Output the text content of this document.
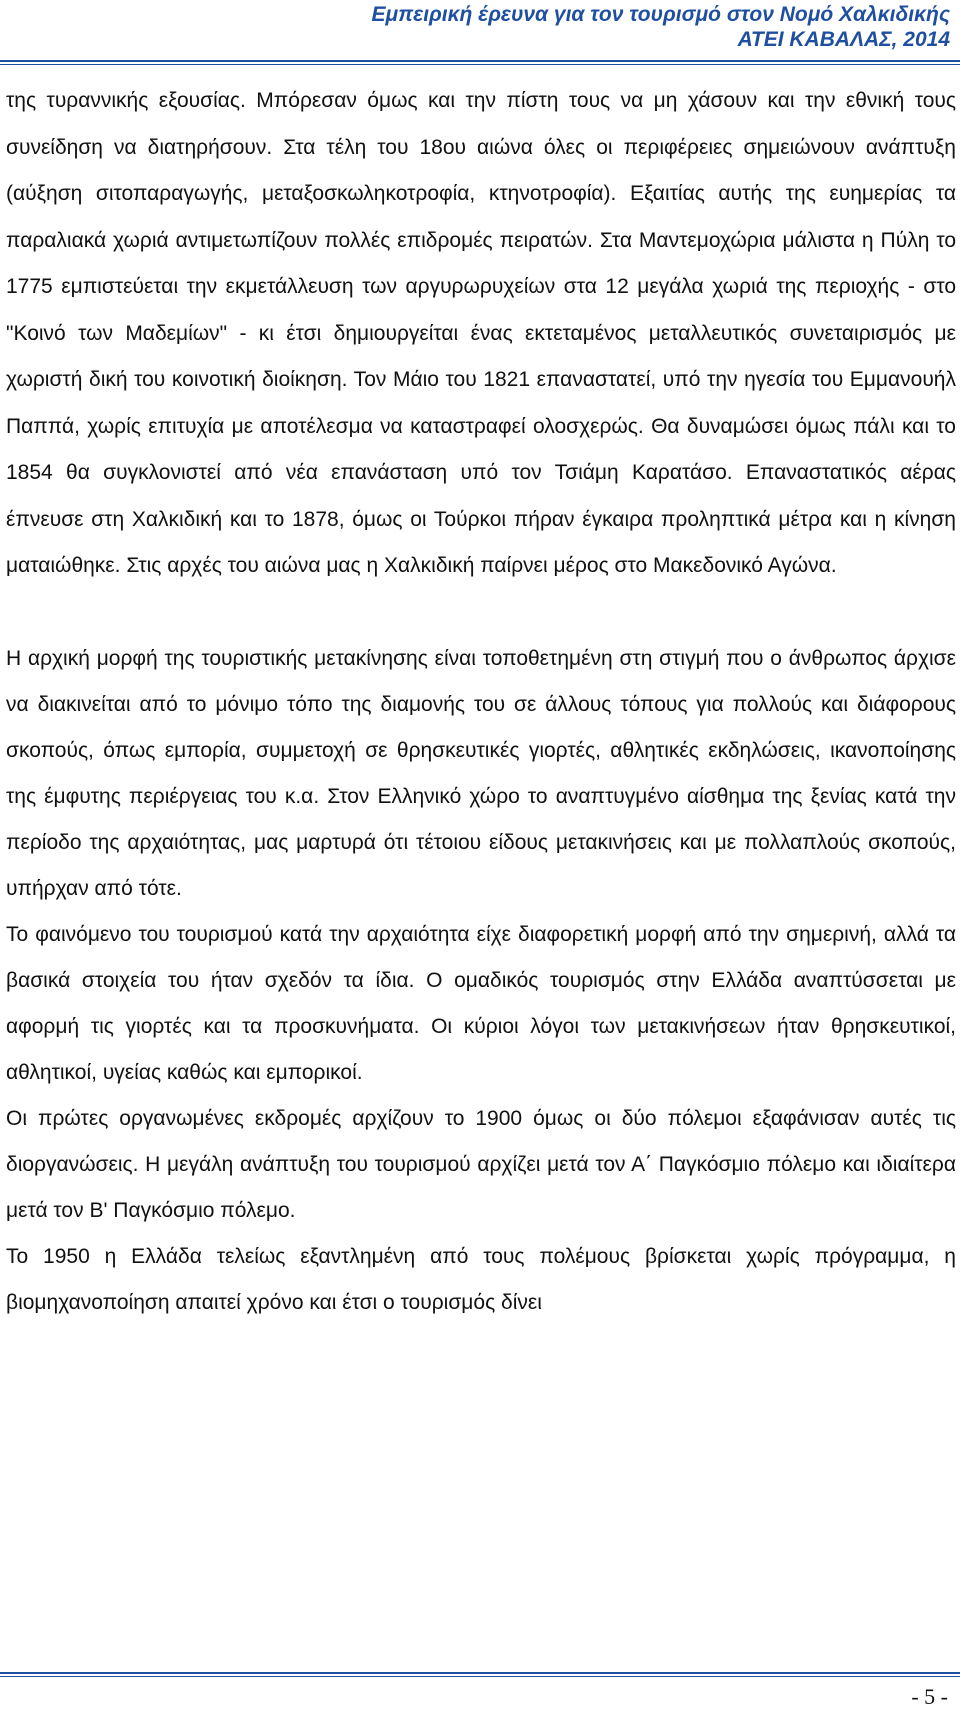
Εμπειρική έρευνα για τον τουρισμό στον Νομό Χαλκιδικής
ΑΤΕΙ ΚΑΒΑΛΑΣ, 2014

της τυραννικής εξουσίας. Μπόρεσαν όμως και την πίστη τους να μη χάσουν και την εθνική τους συνείδηση να διατηρήσουν. Στα τέλη του 18ου αιώνα όλες οι περιφέρειες σημειώνουν ανάπτυξη (αύξηση σιτοπαραγωγής, μεταξοσκωληκοτροφία, κτηνοτροφία). Εξαιτίας αυτής της ευημερίας τα παραλιακά χωριά αντιμετωπίζουν πολλές επιδρομές πειρατών. Στα Μαντεμοχώρια μάλιστα η Πύλη το 1775 εμπιστεύεται την εκμετάλλευση των αργυρωρυχείων στα 12 μεγάλα χωριά της περιοχής - στο "Κοινό των Μαδεμίων" - κι έτσι δημιουργείται ένας εκτεταμένος μεταλλευτικός συνεταιρισμός με χωριστή δική του κοινοτική διοίκηση. Τον Μάιο του 1821 επαναστατεί, υπό την ηγεσία του Εμμανουήλ Παππά, χωρίς επιτυχία με αποτέλεσμα να καταστραφεί ολοσχερώς. Θα δυναμώσει όμως πάλι και το 1854 θα συγκλονιστεί από νέα επανάσταση υπό τον Τσιάμη Καρατάσο. Επαναστατικός αέρας έπνευσε στη Χαλκιδική και το 1878, όμως οι Τούρκοι πήραν έγκαιρα προληπτικά μέτρα και η κίνηση ματαιώθηκε. Στις αρχές του αιώνα μας η Χαλκιδική παίρνει μέρος στο Μακεδονικό Αγώνα.

Η αρχική μορφή της τουριστικής μετακίνησης είναι τοποθετημένη στη στιγμή που ο άνθρωπος άρχισε να διακινείται από το μόνιμο τόπο της διαμονής του σε άλλους τόπους για πολλούς και διάφορους σκοπούς, όπως εμπορία, συμμετοχή σε θρησκευτικές γιορτές, αθλητικές εκδηλώσεις, ικανοποίησης της έμφυτης περιέργειας του κ.α. Στον Ελληνικό χώρο το αναπτυγμένο αίσθημα της ξενίας κατά την περίοδο της αρχαιότητας, μας μαρτυρά ότι τέτοιου είδους μετακινήσεις και με πολλαπλούς σκοπούς, υπήρχαν από τότε.

Το φαινόμενο του τουρισμού κατά την αρχαιότητα είχε διαφορετική μορφή από την σημερινή, αλλά τα βασικά στοιχεία του ήταν σχεδόν τα ίδια. Ο ομαδικός τουρισμός στην Ελλάδα αναπτύσσεται με αφορμή τις γιορτές και τα προσκυνήματα. Οι κύριοι λόγοι των μετακινήσεων ήταν θρησκευτικοί, αθλητικοί, υγείας καθώς και εμπορικοί.

Οι πρώτες οργανωμένες εκδρομές αρχίζουν το 1900 όμως οι δύο πόλεμοι εξαφάνισαν αυτές τις διοργανώσεις. Η μεγάλη ανάπτυξη του τουρισμού αρχίζει μετά τον Α΄ Παγκόσμιο πόλεμο και ιδιαίτερα μετά τον Β' Παγκόσμιο πόλεμο.

Το 1950 η Ελλάδα τελείως εξαντλημένη από τους πολέμους βρίσκεται χωρίς πρόγραμμα, η βιομηχανοποίηση απαιτεί χρόνο και έτσι ο τουρισμός δίνει

- 5 -
